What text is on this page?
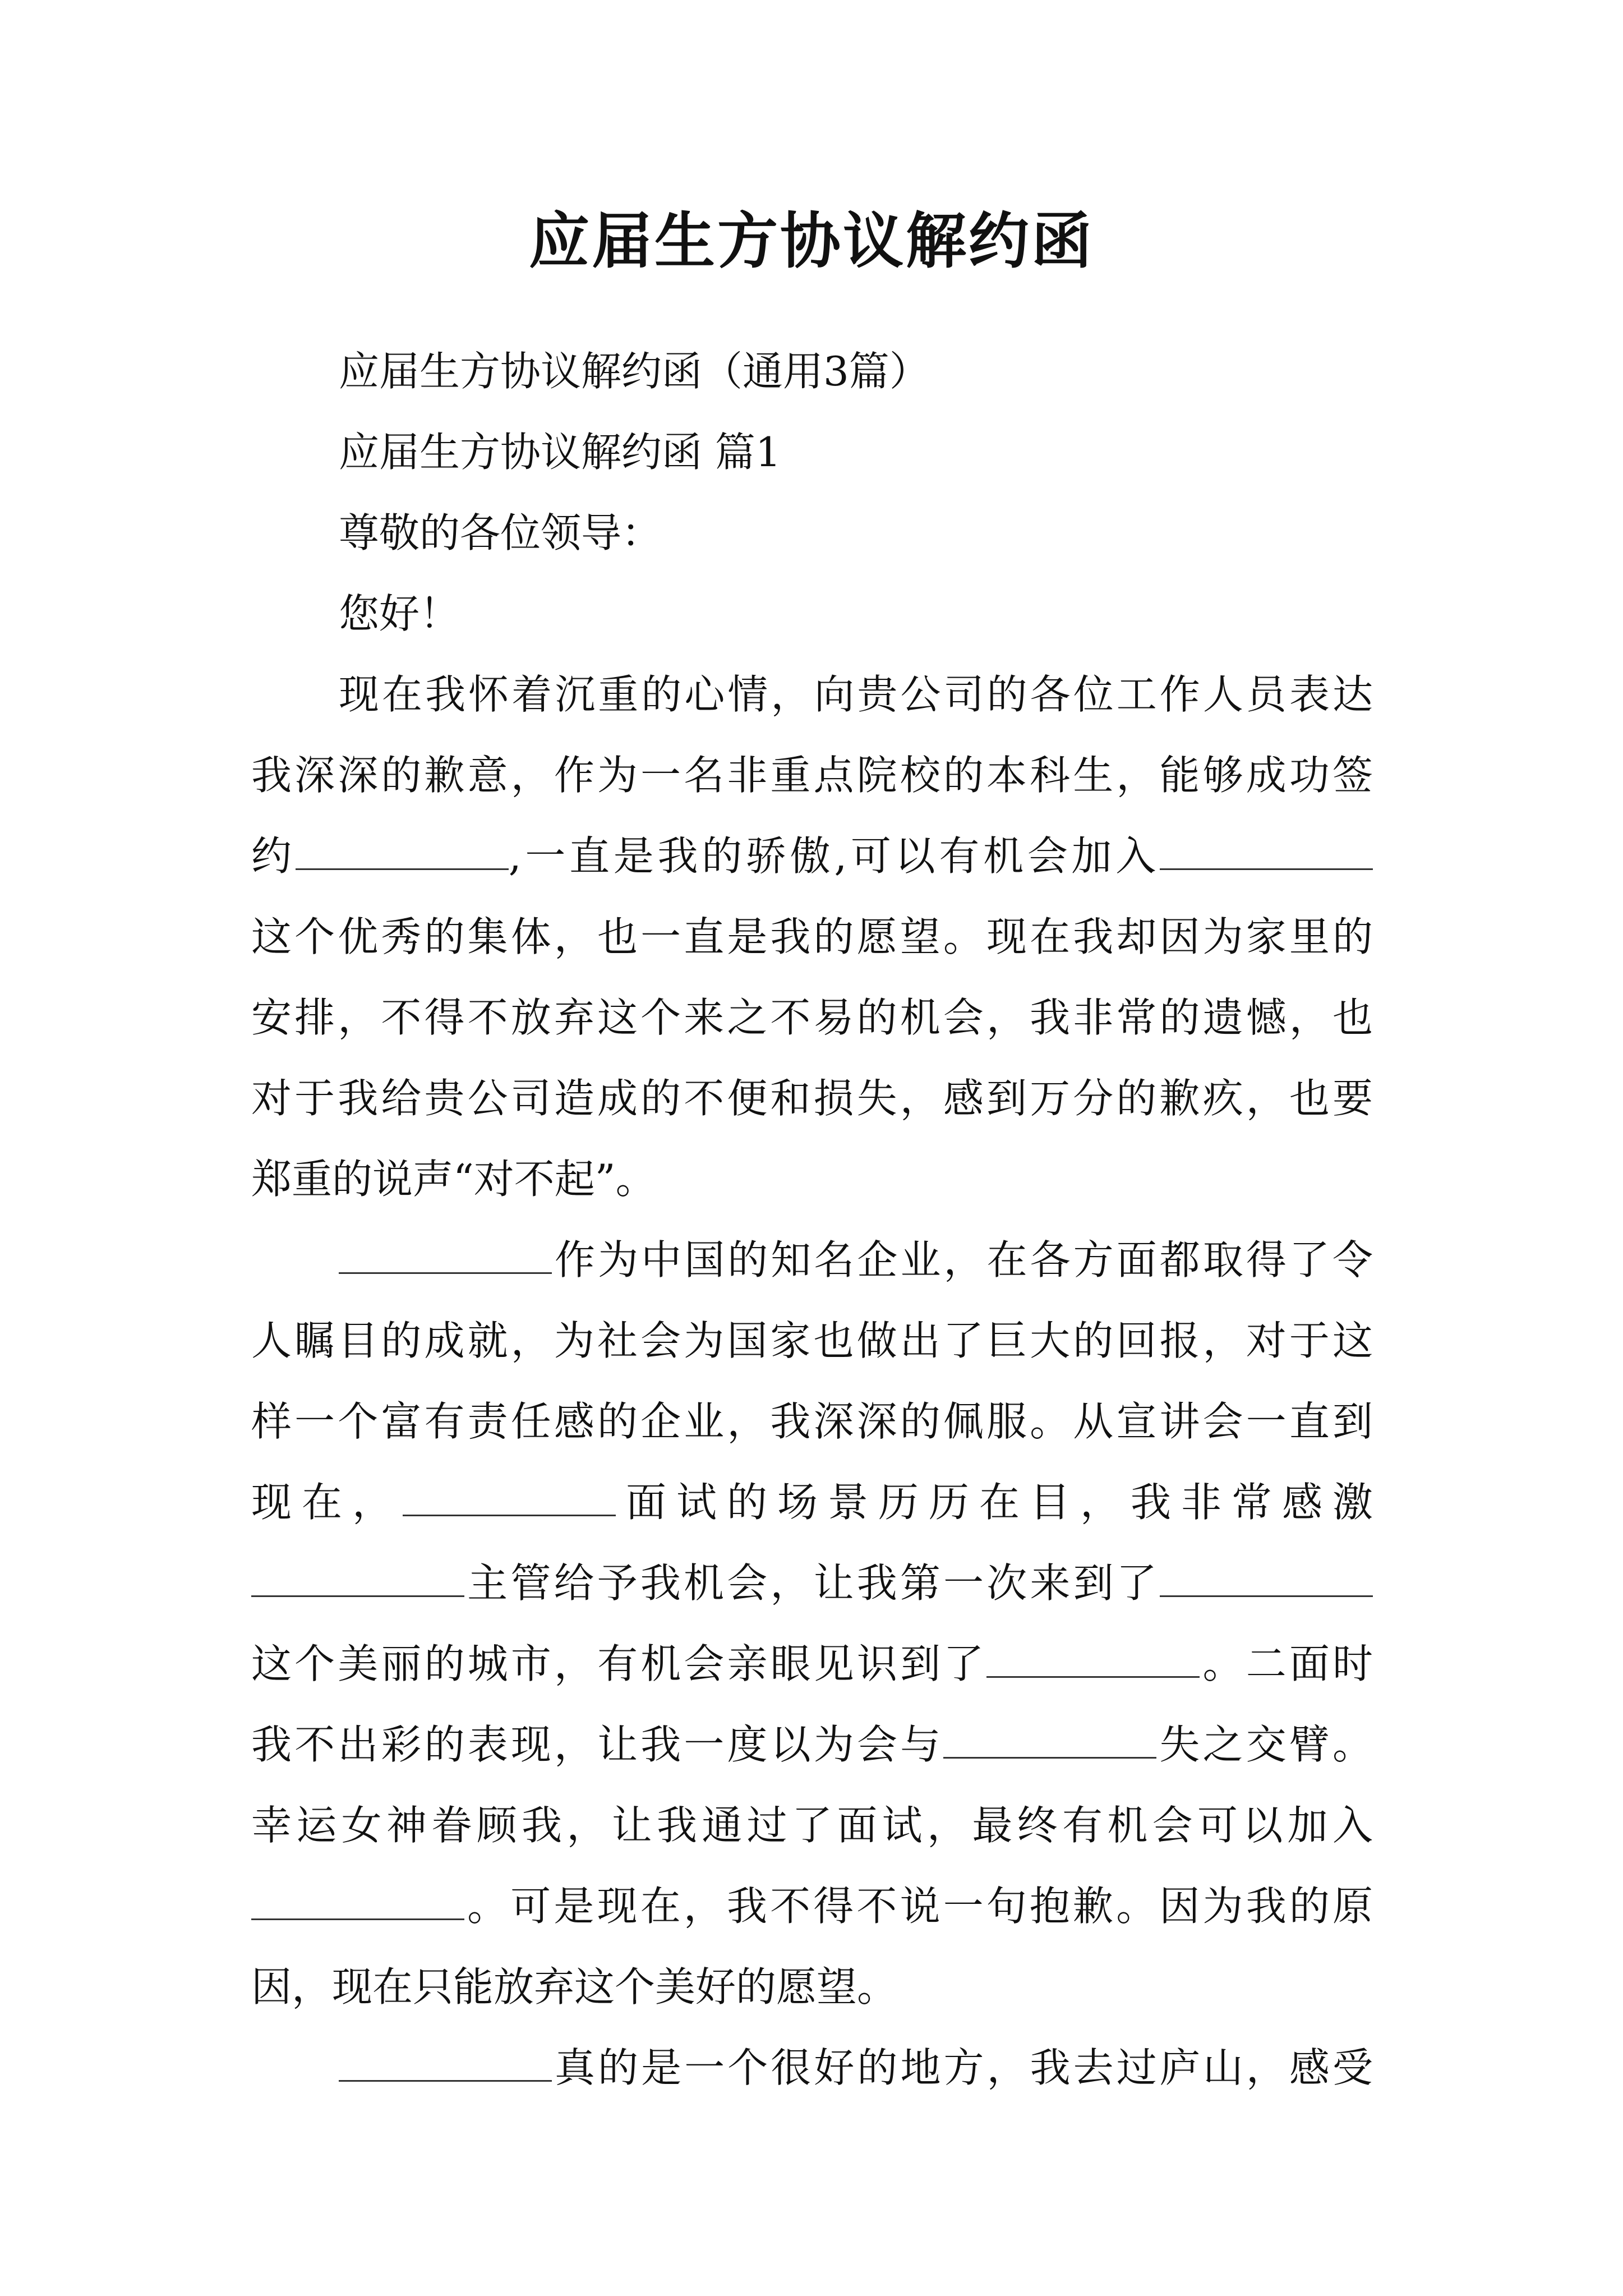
应届生方协议解约函
应届生方协议解约函（通用3篇）
应届生方协议解约函 篇1
尊敬的各位领导：
您好！
现在我怀着沉重的心情，向贵公司的各位工作人员表达
我深深的歉意，作为一名非重点院校的本科生，能够成功签
约	,一直是我的骄傲,可以有机会加入
这个优秀的集体，也一直是我的愿望。现在我却因为家里的
安排，不得不放弃这个来之不易的机会，我非常的遗憾，也
对于我给贵公司造成的不便和损失，感到万分的歉疚，也要
郑重的说声“对不起”。
作为中国的知名企业，在各方面都取得了令
人瞩目的成就，为社会为国家也做出了巨大的回报，对于这
样一个富有责任感的企业，我深深的佩服。从宣讲会一直到
现在，	面试的场景历历在目，我非常感激
主管给予我机会，让我第一次来到了
这个美丽的城市，有机会亲眼见识到了	。二面时
我不出彩的表现，让我一度以为会与	失之交臂。
幸运女神眷顾我，让我通过了面试，最终有机会可以加入
。可是现在，我不得不说一句抱歉。因为我的原
因，现在只能放弃这个美好的愿望。
真的是一个很好的地方，我去过庐山，感受
